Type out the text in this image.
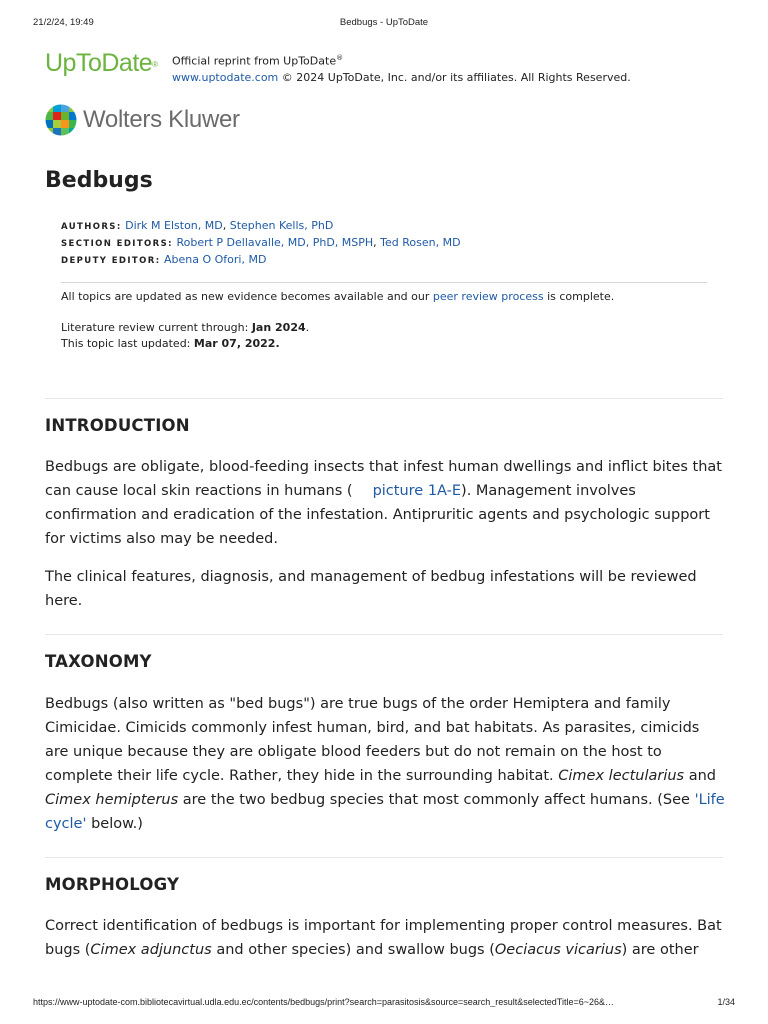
21/2/24, 19:49	Bedbugs - UpToDate
UpToDate® Official reprint from UpToDate®
www.uptodate.com © 2024 UpToDate, Inc. and/or its affiliates. All Rights Reserved.
Wolters Kluwer
Bedbugs
AUTHORS: Dirk M Elston, MD, Stephen Kells, PhD
SECTION EDITORS: Robert P Dellavalle, MD, PhD, MSPH, Ted Rosen, MD
DEPUTY EDITOR: Abena O Ofori, MD
All topics are updated as new evidence becomes available and our peer review process is complete.
Literature review current through: Jan 2024.
This topic last updated: Mar 07, 2022.
INTRODUCTION

Bedbugs are obligate, blood-feeding insects that infest human dwellings and inflict bites that can cause local skin reactions in humans ( picture 1A-E). Management involves confirmation and eradication of the infestation. Antipruritic agents and psychologic support for victims also may be needed.

The clinical features, diagnosis, and management of bedbug infestations will be reviewed here.

TAXONOMY

Bedbugs (also written as "bed bugs") are true bugs of the order Hemiptera and family Cimicidae. Cimicids commonly infest human, bird, and bat habitats. As parasites, cimicids are unique because they are obligate blood feeders but do not remain on the host to complete their life cycle. Rather, they hide in the surrounding habitat. Cimex lectularius and Cimex hemipterus are the two bedbug species that most commonly affect humans. (See 'Life cycle' below.)

MORPHOLOGY

Correct identification of bedbugs is important for implementing proper control measures. Bat bugs (Cimex adjunctus and other species) and swallow bugs (Oeciacus vicarius) are other

https://www-uptodate-com.bibliotecavirtual.udla.edu.ec/contents/bedbugs/print?search=parasitosis&source=search_result&selectedTitle=6~26&…	1/34
